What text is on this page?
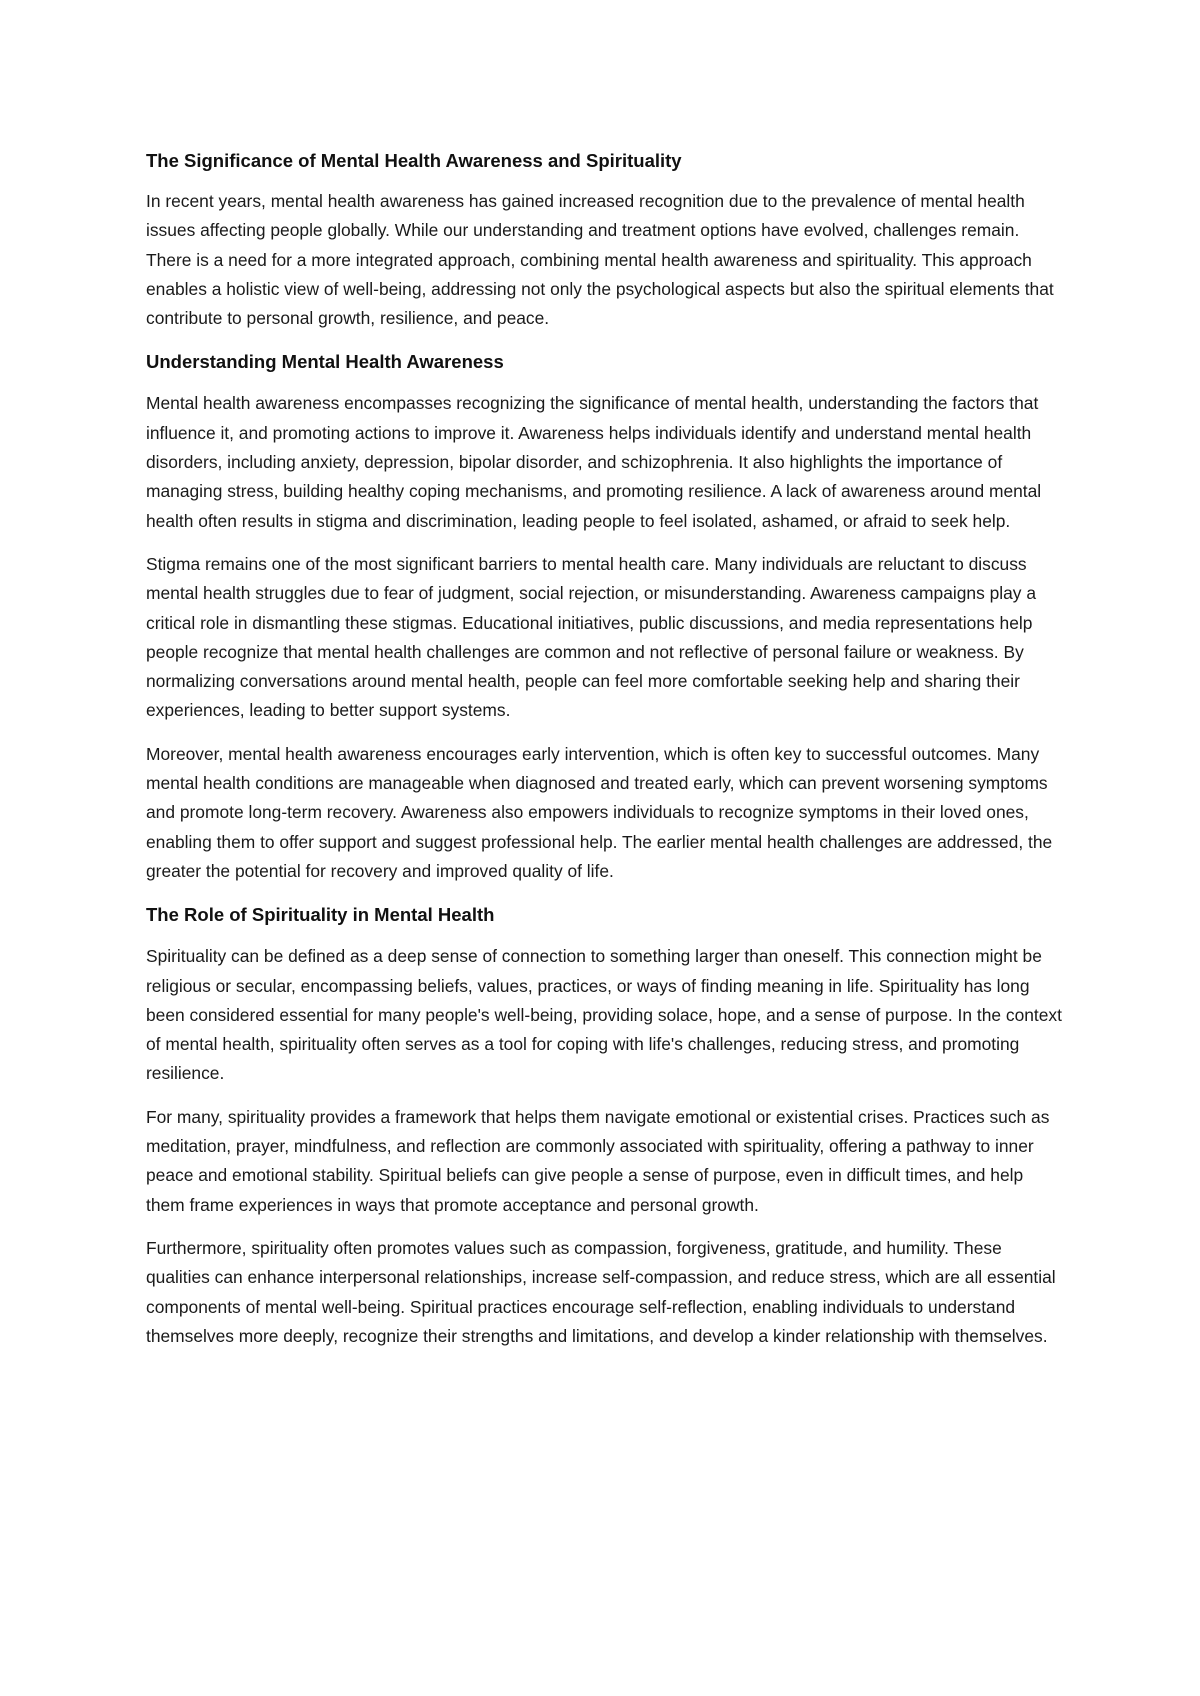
The Significance of Mental Health Awareness and Spirituality

In recent years, mental health awareness has gained increased recognition due to the prevalence of mental health issues affecting people globally. While our understanding and treatment options have evolved, challenges remain. There is a need for a more integrated approach, combining mental health awareness and spirituality. This approach enables a holistic view of well-being, addressing not only the psychological aspects but also the spiritual elements that contribute to personal growth, resilience, and peace.

Understanding Mental Health Awareness

Mental health awareness encompasses recognizing the significance of mental health, understanding the factors that influence it, and promoting actions to improve it. Awareness helps individuals identify and understand mental health disorders, including anxiety, depression, bipolar disorder, and schizophrenia. It also highlights the importance of managing stress, building healthy coping mechanisms, and promoting resilience. A lack of awareness around mental health often results in stigma and discrimination, leading people to feel isolated, ashamed, or afraid to seek help.

Stigma remains one of the most significant barriers to mental health care. Many individuals are reluctant to discuss mental health struggles due to fear of judgment, social rejection, or misunderstanding. Awareness campaigns play a critical role in dismantling these stigmas. Educational initiatives, public discussions, and media representations help people recognize that mental health challenges are common and not reflective of personal failure or weakness. By normalizing conversations around mental health, people can feel more comfortable seeking help and sharing their experiences, leading to better support systems.

Moreover, mental health awareness encourages early intervention, which is often key to successful outcomes. Many mental health conditions are manageable when diagnosed and treated early, which can prevent worsening symptoms and promote long-term recovery. Awareness also empowers individuals to recognize symptoms in their loved ones, enabling them to offer support and suggest professional help. The earlier mental health challenges are addressed, the greater the potential for recovery and improved quality of life.

The Role of Spirituality in Mental Health

Spirituality can be defined as a deep sense of connection to something larger than oneself. This connection might be religious or secular, encompassing beliefs, values, practices, or ways of finding meaning in life. Spirituality has long been considered essential for many people's well-being, providing solace, hope, and a sense of purpose. In the context of mental health, spirituality often serves as a tool for coping with life's challenges, reducing stress, and promoting resilience.

For many, spirituality provides a framework that helps them navigate emotional or existential crises. Practices such as meditation, prayer, mindfulness, and reflection are commonly associated with spirituality, offering a pathway to inner peace and emotional stability. Spiritual beliefs can give people a sense of purpose, even in difficult times, and help them frame experiences in ways that promote acceptance and personal growth.

Furthermore, spirituality often promotes values such as compassion, forgiveness, gratitude, and humility. These qualities can enhance interpersonal relationships, increase self-compassion, and reduce stress, which are all essential components of mental well-being. Spiritual practices encourage self-reflection, enabling individuals to understand themselves more deeply, recognize their strengths and limitations, and develop a kinder relationship with themselves.
